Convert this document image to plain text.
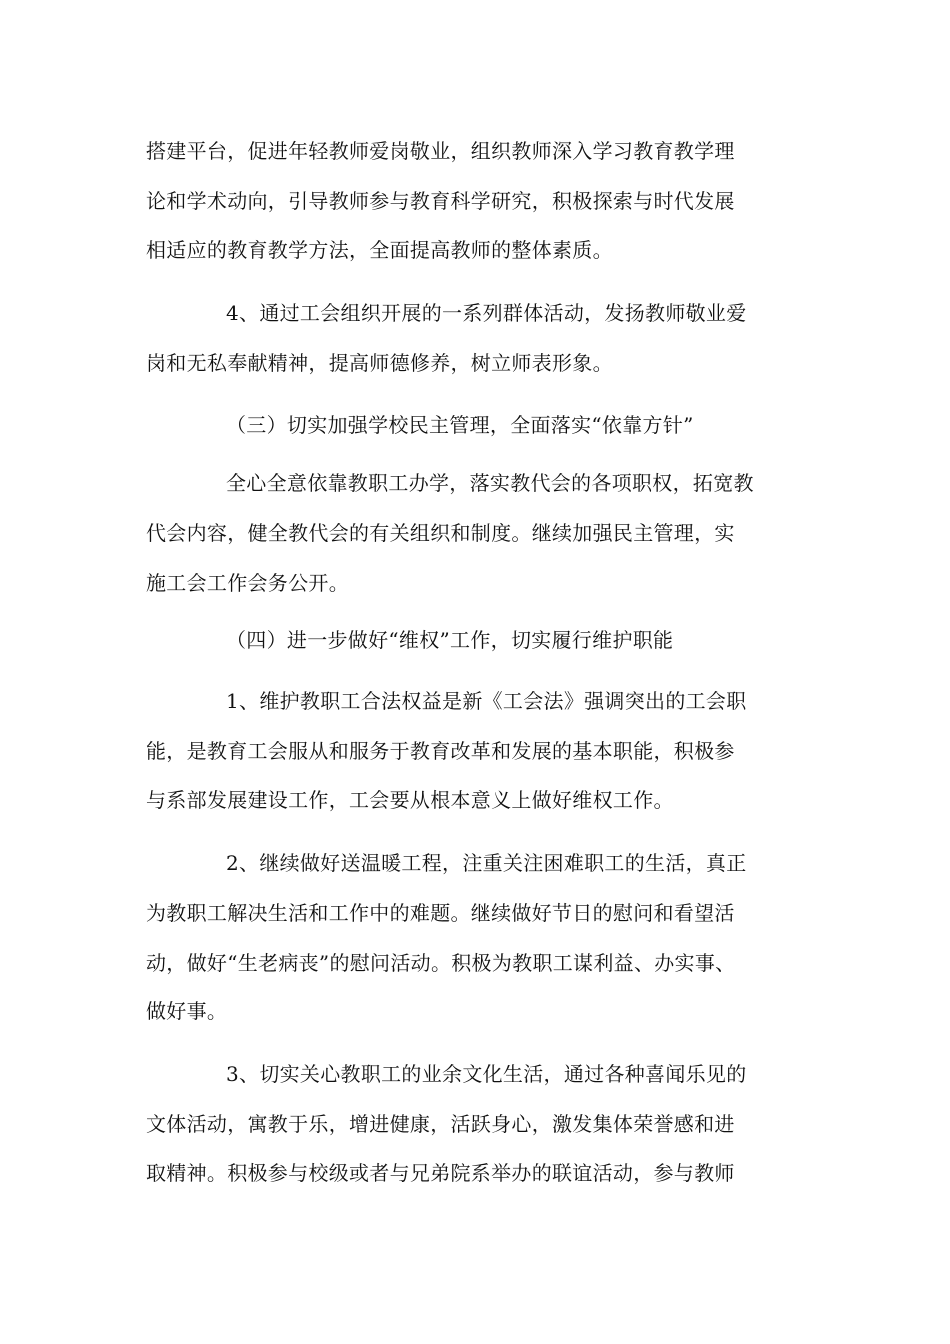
搭建平台，促进年轻教师爱岗敬业，组织教师深入学习教育教学理
论和学术动向，引导教师参与教育科学研究，积极探索与时代发展
相适应的教育教学方法，全面提高教师的整体素质。
4、通过工会组织开展的一系列群体活动，发扬教师敬业爱
岗和无私奉献精神，提高师德修养，树立师表形象。
（三）切实加强学校民主管理，全面落实“依靠方针”
全心全意依靠教职工办学，落实教代会的各项职权，拓宽教
代会内容，健全教代会的有关组织和制度。继续加强民主管理，实
施工会工作会务公开。
（四）进一步做好“维权”工作，切实履行维护职能
1、维护教职工合法权益是新《工会法》强调突出的工会职
能，是教育工会服从和服务于教育改革和发展的基本职能，积极参
与系部发展建设工作，工会要从根本意义上做好维权工作。
2、继续做好送温暖工程，注重关注困难职工的生活，真正
为教职工解决生活和工作中的难题。继续做好节日的慰问和看望活
动，做好“生老病丧”的慰问活动。积极为教职工谋利益、办实事、
做好事。
3、切实关心教职工的业余文化生活，通过各种喜闻乐见的
文体活动，寓教于乐，增进健康，活跃身心，激发集体荣誉感和进
取精神。积极参与校级或者与兄弟院系举办的联谊活动，参与教师
